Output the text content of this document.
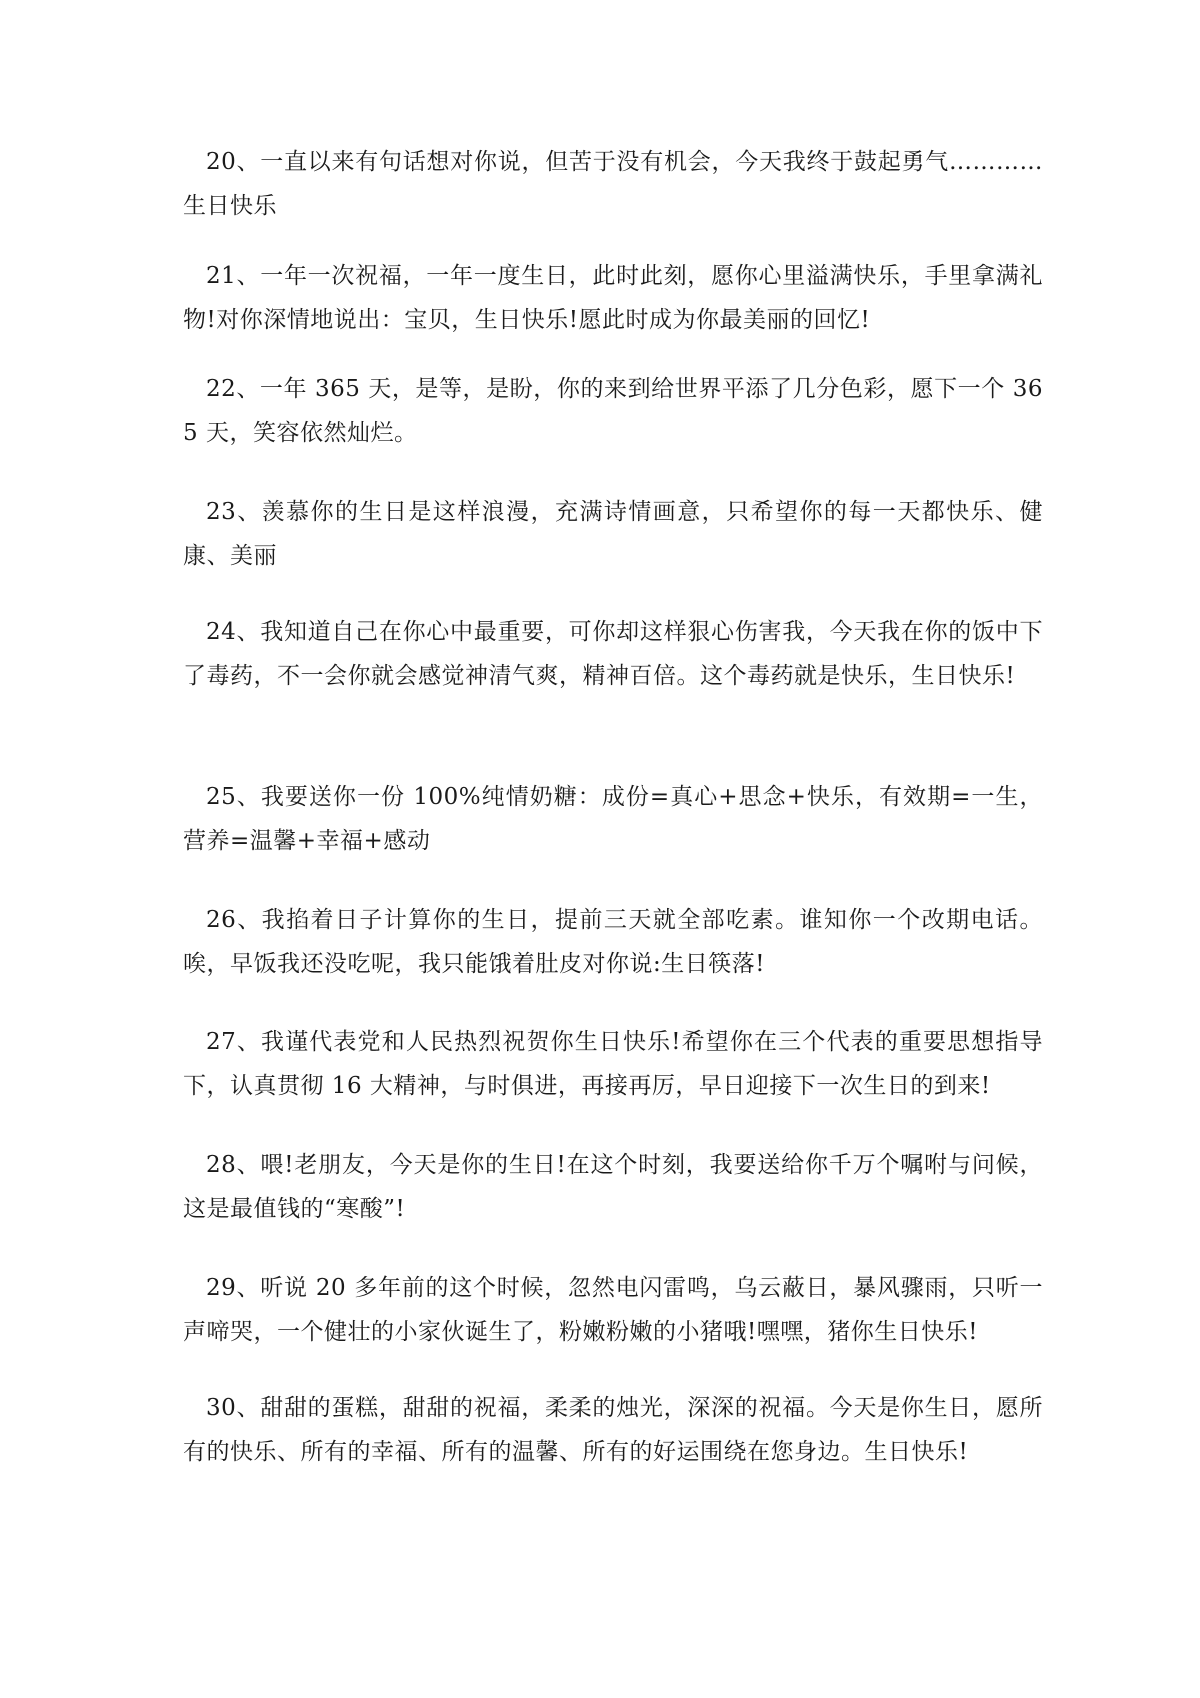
20、一直以来有句话想对你说，但苦于没有机会，今天我终于鼓起勇气…………生日快乐

21、一年一次祝福，一年一度生日，此时此刻，愿你心里溢满快乐，手里拿满礼物!对你深情地说出：宝贝，生日快乐!愿此时成为你最美丽的回忆!

22、一年 365 天，是等，是盼，你的来到给世界平添了几分色彩，愿下一个 365 天，笑容依然灿烂。

23、羡慕你的生日是这样浪漫，充满诗情画意，只希望你的每一天都快乐、健康、美丽

24、我知道自己在你心中最重要，可你却这样狠心伤害我，今天我在你的饭中下了毒药，不一会你就会感觉神清气爽，精神百倍。这个毒药就是快乐，生日快乐!

25、我要送你一份 100%纯情奶糖：成份=真心+思念+快乐，有效期=一生，营养=温馨+幸福+感动

26、我掐着日子计算你的生日，提前三天就全部吃素。谁知你一个改期电话。唉，早饭我还没吃呢，我只能饿着肚皮对你说:生日筷落!

27、我谨代表党和人民热烈祝贺你生日快乐!希望你在三个代表的重要思想指导下，认真贯彻 16 大精神，与时俱进，再接再厉，早日迎接下一次生日的到来!

28、喂!老朋友，今天是你的生日!在这个时刻，我要送给你千万个嘱咐与问候，这是最值钱的“寒酸”!

29、听说 20 多年前的这个时候，忽然电闪雷鸣，乌云蔽日，暴风骤雨，只听一声啼哭，一个健壮的小家伙诞生了，粉嫩粉嫩的小猪哦!嘿嘿，猪你生日快乐!

30、甜甜的蛋糕，甜甜的祝福，柔柔的烛光，深深的祝福。今天是你生日，愿所有的快乐、所有的幸福、所有的温馨、所有的好运围绕在您身边。生日快乐!
